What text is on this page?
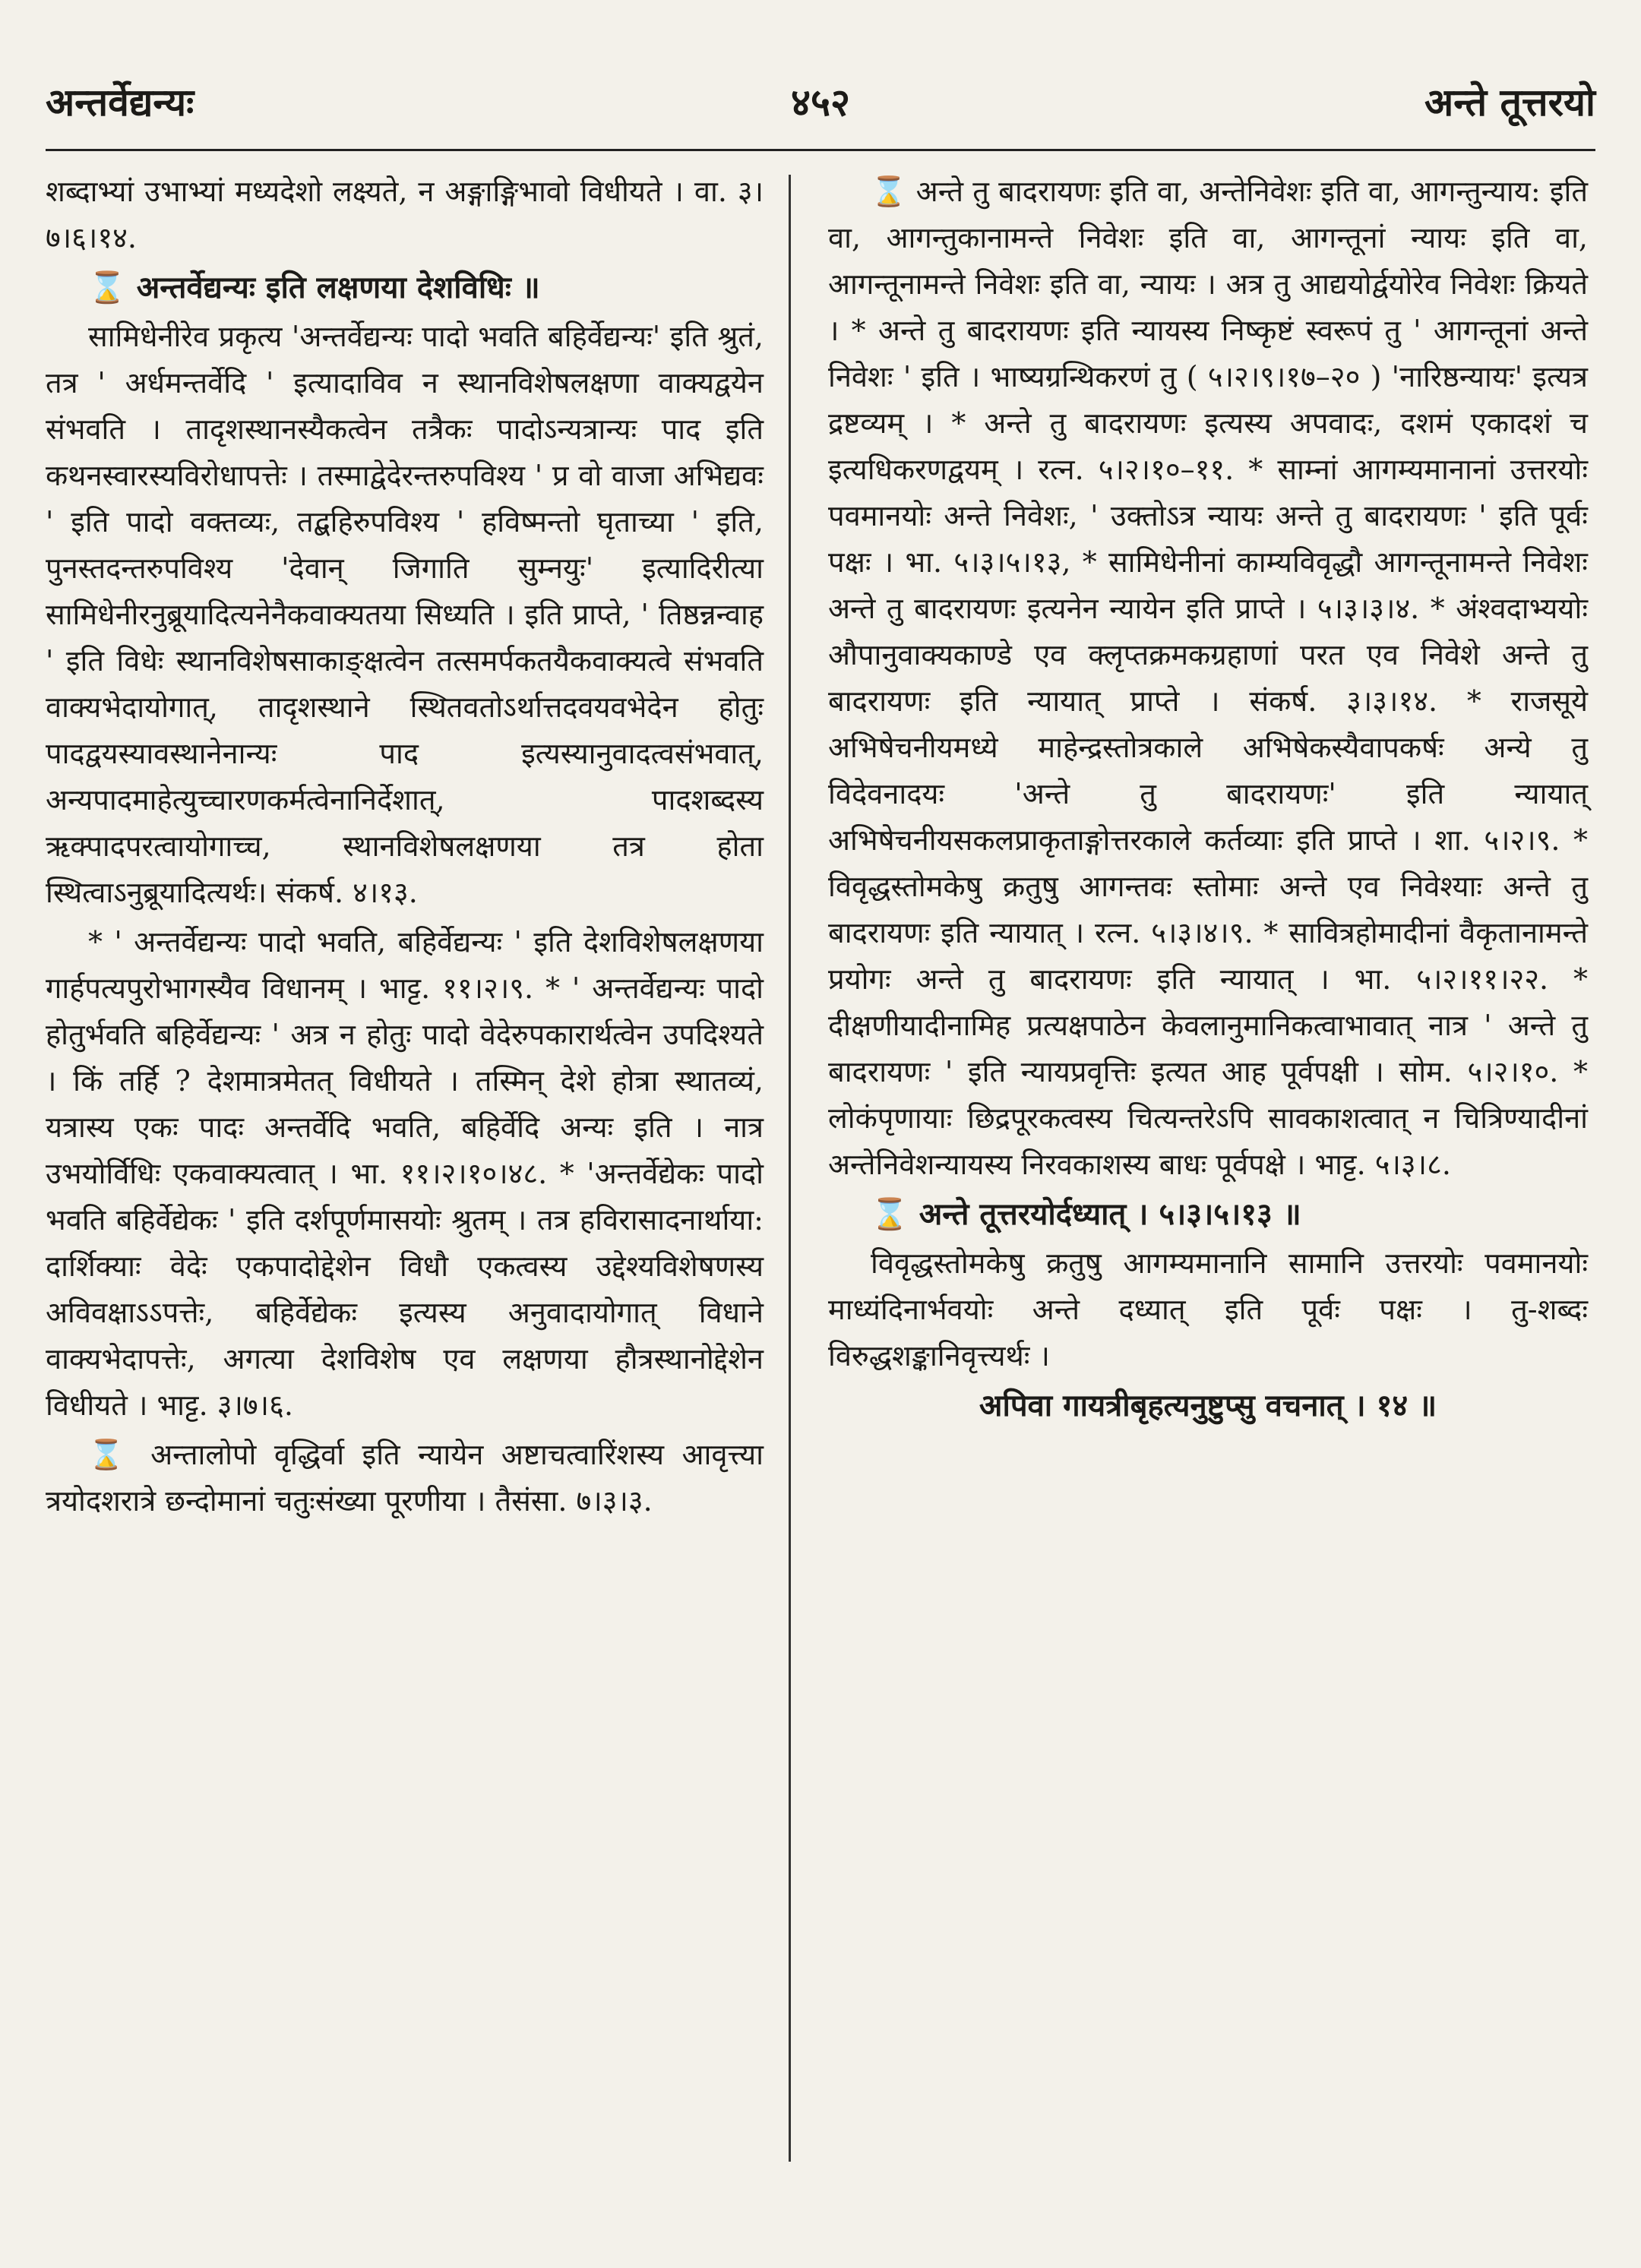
अन्तर्वेद्यन्यः	४५२	अन्ते तूत्तरयो

शब्दाभ्यां उभाभ्यां मध्यदेशो लक्ष्यते, न अङ्गाङ्गिभावो विधीयते । वा. ३।७।६।१४.

⌛ अन्तर्वेद्यन्यः इति लक्षणया देशविधिः ॥

सामिधेनीरेव प्रकृत्य 'अन्तर्वेद्यन्यः पादो भवति बहिर्वेद्यन्यः' इति श्रुतं, तत्र ' अर्धमन्तर्वेदि ' इत्यादाविव न स्थानविशेषलक्षणा वाक्यद्वयेन संभवति । तादृशस्थानस्यैकत्वेन तत्रैकः पादोऽन्यत्रान्यः पाद इति कथनस्वारस्यविरोधापत्तेः । तस्माद्वेदेरन्तरुपविश्य ' प्र वो वाजा अभिद्यवः ' इति पादो वक्तव्यः, तद्बहिरुपविश्य ' हविष्मन्तो घृताच्या ' इति, पुनस्तदन्तरुपविश्य 'देवान् जिगाति सुम्नयुः' इत्यादिरीत्या सामिधेनीरनुब्रूयादित्यनेनैकवाक्यतया सिध्यति । इति प्राप्ते, ' तिष्ठन्नन्वाह ' इति विधेः स्थानविशेषसाकाङ्क्षत्वेन तत्समर्पकतयैकवाक्यत्वे संभवति वाक्यभेदायोगात्, तादृशस्थाने स्थितवतोऽर्थात्तदवयवभेदेन होतुः पादद्वयस्यावस्थानेनान्यः पाद इत्यस्यानुवादत्वसंभवात्, अन्यपादमाहेत्युच्चारणकर्मत्वेनानिर्देशात्, पादशब्दस्य ऋक्पादपरत्वायोगाच्च, स्थानविशेषलक्षणया तत्र होता स्थित्वाऽनुब्रूयादित्यर्थः। संकर्ष. ४।१३.

* ' अन्तर्वेद्यन्यः पादो भवति, बहिर्वेद्यन्यः ' इति देशविशेषलक्षणया गार्हपत्यपुरोभागस्यैव विधानम् । भाट्ट. ११।२।९. * ' अन्तर्वेद्यन्यः पादो होतुर्भवति बहिर्वेद्यन्यः ' अत्र न होतुः पादो वेदेरुपकारार्थत्वेन उपदिश्यते । किं तर्हि ? देशमात्रमेतत् विधीयते । तस्मिन् देशे होत्रा स्थातव्यं, यत्रास्य एकः पादः अन्तर्वेदि भवति, बहिर्वेदि अन्यः इति । नात्र उभयोर्विधिः एकवाक्यत्वात् । भा. ११।२।१०।४८. * 'अन्तर्वेद्येकः पादो भवति बहिर्वेद्येकः ' इति दर्शपूर्णमासयोः श्रुतम् । तत्र हविरासादनार्थाया: दार्शिक्याः वेदेः एकपादोद्देशेन विधौ एकत्वस्य उद्देश्यविशेषणस्य अविवक्षाऽऽपत्तेः, बहिर्वेद्येकः इत्यस्य अनुवादायोगात् विधाने वाक्यभेदापत्तेः, अगत्या देशविशेष एव लक्षणया हौत्रस्थानोद्देशेन विधीयते । भाट्ट. ३।७।६.

⌛ अन्तालोपो वृद्धिर्वा इति न्यायेन अष्टाचत्वारिंशस्य आवृत्त्या त्रयोदशरात्रे छन्दोमानां चतुःसंख्या पूरणीया । तैसंसा. ७।३।३.

⌛ अन्ते तु बादरायणः इति वा, अन्तेनिवेशः इति वा, आगन्तुन्याय: इति वा, आगन्तुकानामन्ते निवेशः इति वा, आगन्तूनां न्यायः इति वा, आगन्तूनामन्ते निवेशः इति वा, न्यायः । अत्र तु आद्ययोर्द्वयोरेव निवेशः क्रियते । * अन्ते तु बादरायणः इति न्यायस्य निष्कृष्टं स्वरूपं तु ' आगन्तूनां अन्ते निवेशः ' इति । भाष्यग्रन्थिकरणं तु ( ५।२।९।१७–२० ) 'नारिष्ठन्यायः' इत्यत्र द्रष्टव्यम् । * अन्ते तु बादरायणः इत्यस्य अपवादः, दशमं एकादशं च इत्यधिकरणद्वयम् । रत्न. ५।२।१०–११. * साम्नां आगम्यमानानां उत्तरयोः पवमानयोः अन्ते निवेशः, ' उक्तोऽत्र न्यायः अन्ते तु बादरायणः ' इति पूर्वः पक्षः । भा. ५।३।५।१३, * सामिधेनीनां काम्यविवृद्धौ आगन्तूनामन्ते निवेशः अन्ते तु बादरायणः इत्यनेन न्यायेन इति प्राप्ते । ५।३।३।४. * अंश्वदाभ्ययोः औपानुवाक्यकाण्डे एव क्लृप्तक्रमकग्रहाणां परत एव निवेशे अन्ते तु बादरायणः इति न्यायात् प्राप्ते । संकर्ष. ३।३।१४. * राजसूये अभिषेचनीयमध्ये माहेन्द्रस्तोत्रकाले अभिषेकस्यैवापकर्षः अन्ये तु विदेवनादयः 'अन्ते तु बादरायणः' इति न्यायात् अभिषेचनीयसकलप्राकृताङ्गोत्तरकाले कर्तव्याः इति प्राप्ते । शा. ५।२।९. * विवृद्धस्तोमकेषु क्रतुषु आगन्तवः स्तोमाः अन्ते एव निवेश्याः अन्ते तु बादरायणः इति न्यायात् । रत्न. ५।३।४।९. * सावित्रहोमादीनां वैकृतानामन्ते प्रयोगः अन्ते तु बादरायणः इति न्यायात् । भा. ५।२।११।२२. * दीक्षणीयादीनामिह प्रत्यक्षपाठेन केवलानुमानिकत्वाभावात् नात्र ' अन्ते तु बादरायणः ' इति न्यायप्रवृत्तिः इत्यत आह पूर्वपक्षी । सोम. ५।२।१०. * लोकंपृणायाः छिद्रपूरकत्वस्य चित्यन्तरेऽपि सावकाशत्वात् न चित्रिण्यादीनां अन्तेनिवेशन्यायस्य निरवकाशस्य बाधः पूर्वपक्षे । भाट्ट. ५।३।८.

⌛ अन्ते तूत्तरयोर्दध्यात् । ५।३।५।१३ ॥

विवृद्धस्तोमकेषु क्रतुषु आगम्यमानानि सामानि उत्तरयोः पवमानयोः माध्यंदिनार्भवयोः अन्ते दध्यात् इति पूर्वः पक्षः । तु-शब्दः विरुद्धशङ्कानिवृत्त्यर्थः ।

अपिवा गायत्रीबृहत्यनुष्टुप्सु वचनात् । १४ ॥
